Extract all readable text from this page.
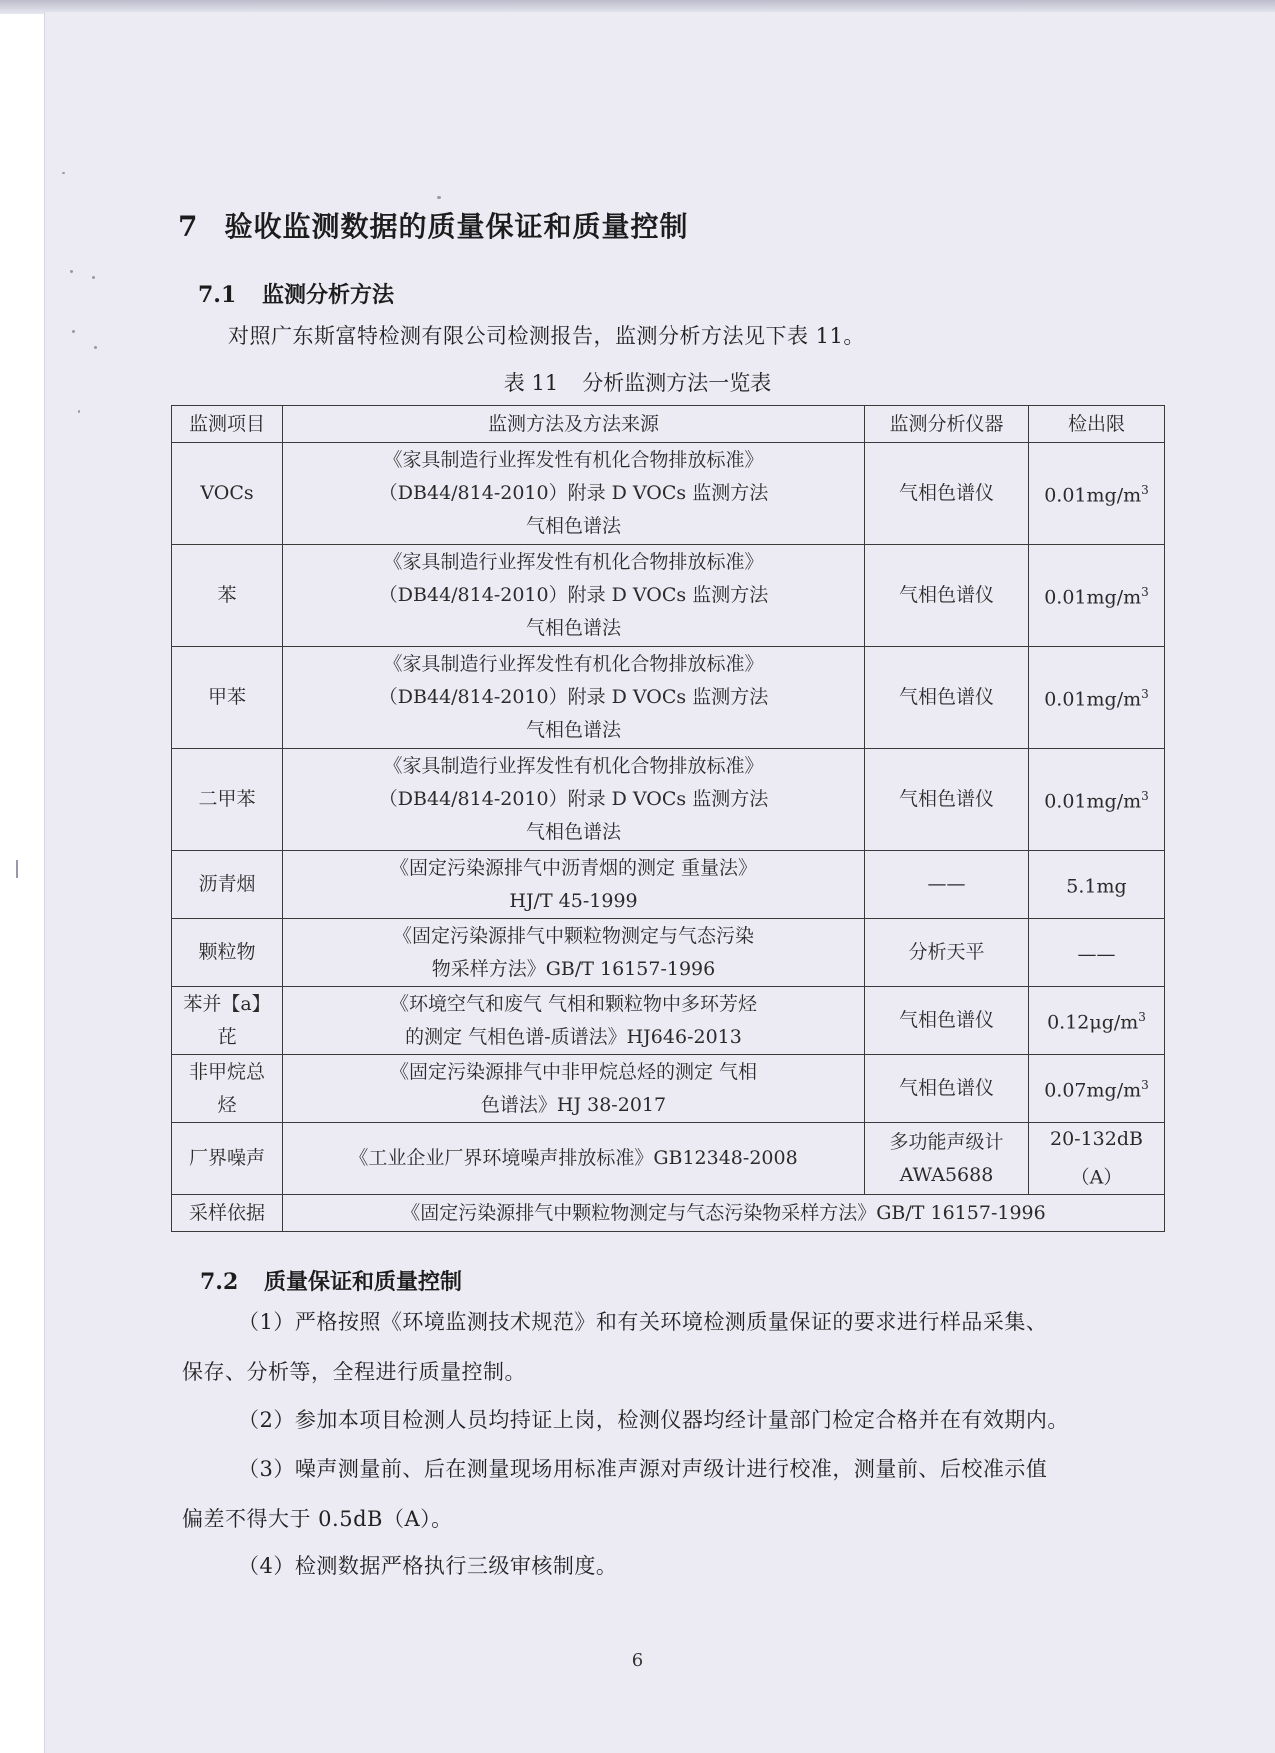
7 验收监测数据的质量保证和质量控制
7.1 监测分析方法
对照广东斯富特检测有限公司检测报告，监测分析方法见下表 11。
表 11 分析监测方法一览表
监测项目	监测方法及方法来源	监测分析仪器	检出限
VOCs	《家具制造行业挥发性有机化合物排放标准》
（DB44/814-2010）附录 D VOCs 监测方法
气相色谱法	气相色谱仪	$0.01mg/m^3$
苯	《家具制造行业挥发性有机化合物排放标准》
（DB44/814-2010）附录 D VOCs 监测方法
气相色谱法	气相色谱仪	$0.01mg/m^3$
甲苯	《家具制造行业挥发性有机化合物排放标准》
（DB44/814-2010）附录 D VOCs 监测方法
气相色谱法	气相色谱仪	$0.01mg/m^3$
二甲苯	《家具制造行业挥发性有机化合物排放标准》
（DB44/814-2010）附录 D VOCs 监测方法
气相色谱法	气相色谱仪	$0.01mg/m^3$
沥青烟	《固定污染源排气中沥青烟的测定 重量法》
HJ/T 45-1999	——	5.1mg
颗粒物	《固定污染源排气中颗粒物测定与气态污染
物采样方法》GB/T 16157-1996	分析天平	——
苯并【a】
芘	《环境空气和废气 气相和颗粒物中多环芳烃
的测定 气相色谱-质谱法》HJ646-2013	气相色谱仪	$0.12\mu g/m^3$
非甲烷总
烃	《固定污染源排气中非甲烷总烃的测定 气相
色谱法》HJ 38-2017	气相色谱仪	$0.07mg/m^3$
厂界噪声	《工业企业厂界环境噪声排放标准》GB12348-2008	多功能声级计
AWA5688	20-132dB
（A）
采样依据	《固定污染源排气中颗粒物测定与气态污染物采样方法》GB/T 16157-1996		
7.2 质量保证和质量控制
（1）严格按照《环境监测技术规范》和有关环境检测质量保证的要求进行样品采集、
保存、分析等，全程进行质量控制。
（2）参加本项目检测人员均持证上岗，检测仪器均经计量部门检定合格并在有效期内。
（3）噪声测量前、后在测量现场用标准声源对声级计进行校准，测量前、后校准示值
偏差不得大于 0.5dB（A）。
（4）检测数据严格执行三级审核制度。
6
